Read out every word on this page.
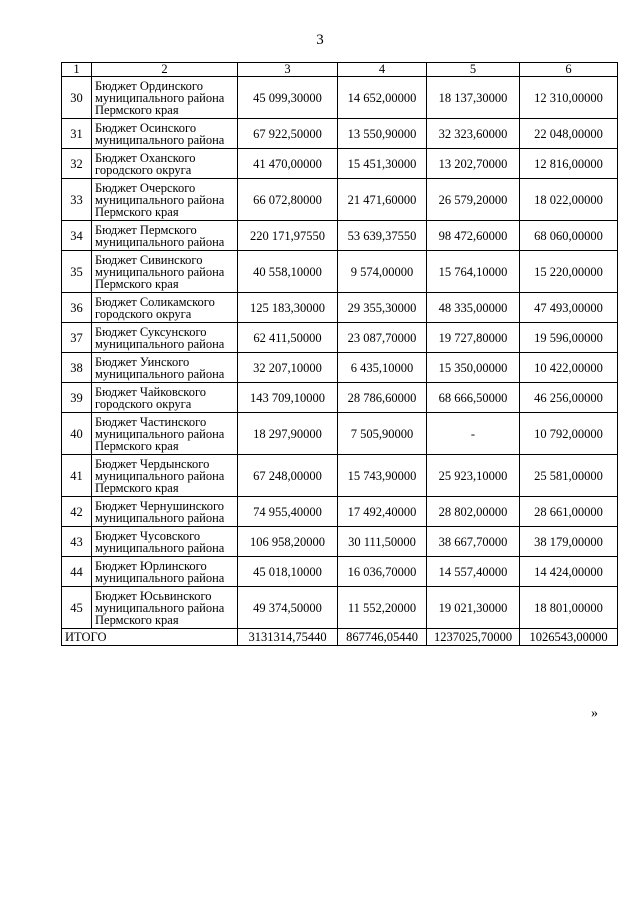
3
1	2	3	4	5	6
30	Бюджет Ординского муниципального района Пермского края	45 099,30000	14 652,00000	18 137,30000	12 310,00000
31	Бюджет Осинского муниципального района	67 922,50000	13 550,90000	32 323,60000	22 048,00000
32	Бюджет Оханского городского округа	41 470,00000	15 451,30000	13 202,70000	12 816,00000
33	Бюджет Очерского муниципального района Пермского края	66 072,80000	21 471,60000	26 579,20000	18 022,00000
34	Бюджет Пермского муниципального района	220 171,97550	53 639,37550	98 472,60000	68 060,00000
35	Бюджет Сивинского муниципального района Пермского края	40 558,10000	9 574,00000	15 764,10000	15 220,00000
36	Бюджет Соликамского городского округа	125 183,30000	29 355,30000	48 335,00000	47 493,00000
37	Бюджет Суксунского муниципального района	62 411,50000	23 087,70000	19 727,80000	19 596,00000
38	Бюджет Уинского муниципального района	32 207,10000	6 435,10000	15 350,00000	10 422,00000
39	Бюджет Чайковского городского округа	143 709,10000	28 786,60000	68 666,50000	46 256,00000
40	Бюджет Частинского муниципального района Пермского края	18 297,90000	7 505,90000	-	10 792,00000
41	Бюджет Чердынского муниципального района Пермского края	67 248,00000	15 743,90000	25 923,10000	25 581,00000
42	Бюджет Чернушинского муниципального района	74 955,40000	17 492,40000	28 802,00000	28 661,00000
43	Бюджет Чусовского муниципального района	106 958,20000	30 111,50000	38 667,70000	38 179,00000
44	Бюджет Юрлинского муниципального района	45 018,10000	16 036,70000	14 557,40000	14 424,00000
45	Бюджет Юсьвинского муниципального района Пермского края	49 374,50000	11 552,20000	19 021,30000	18 801,00000
ИТОГО		3131314,75440	867746,05440	1237025,70000	1026543,00000
»
